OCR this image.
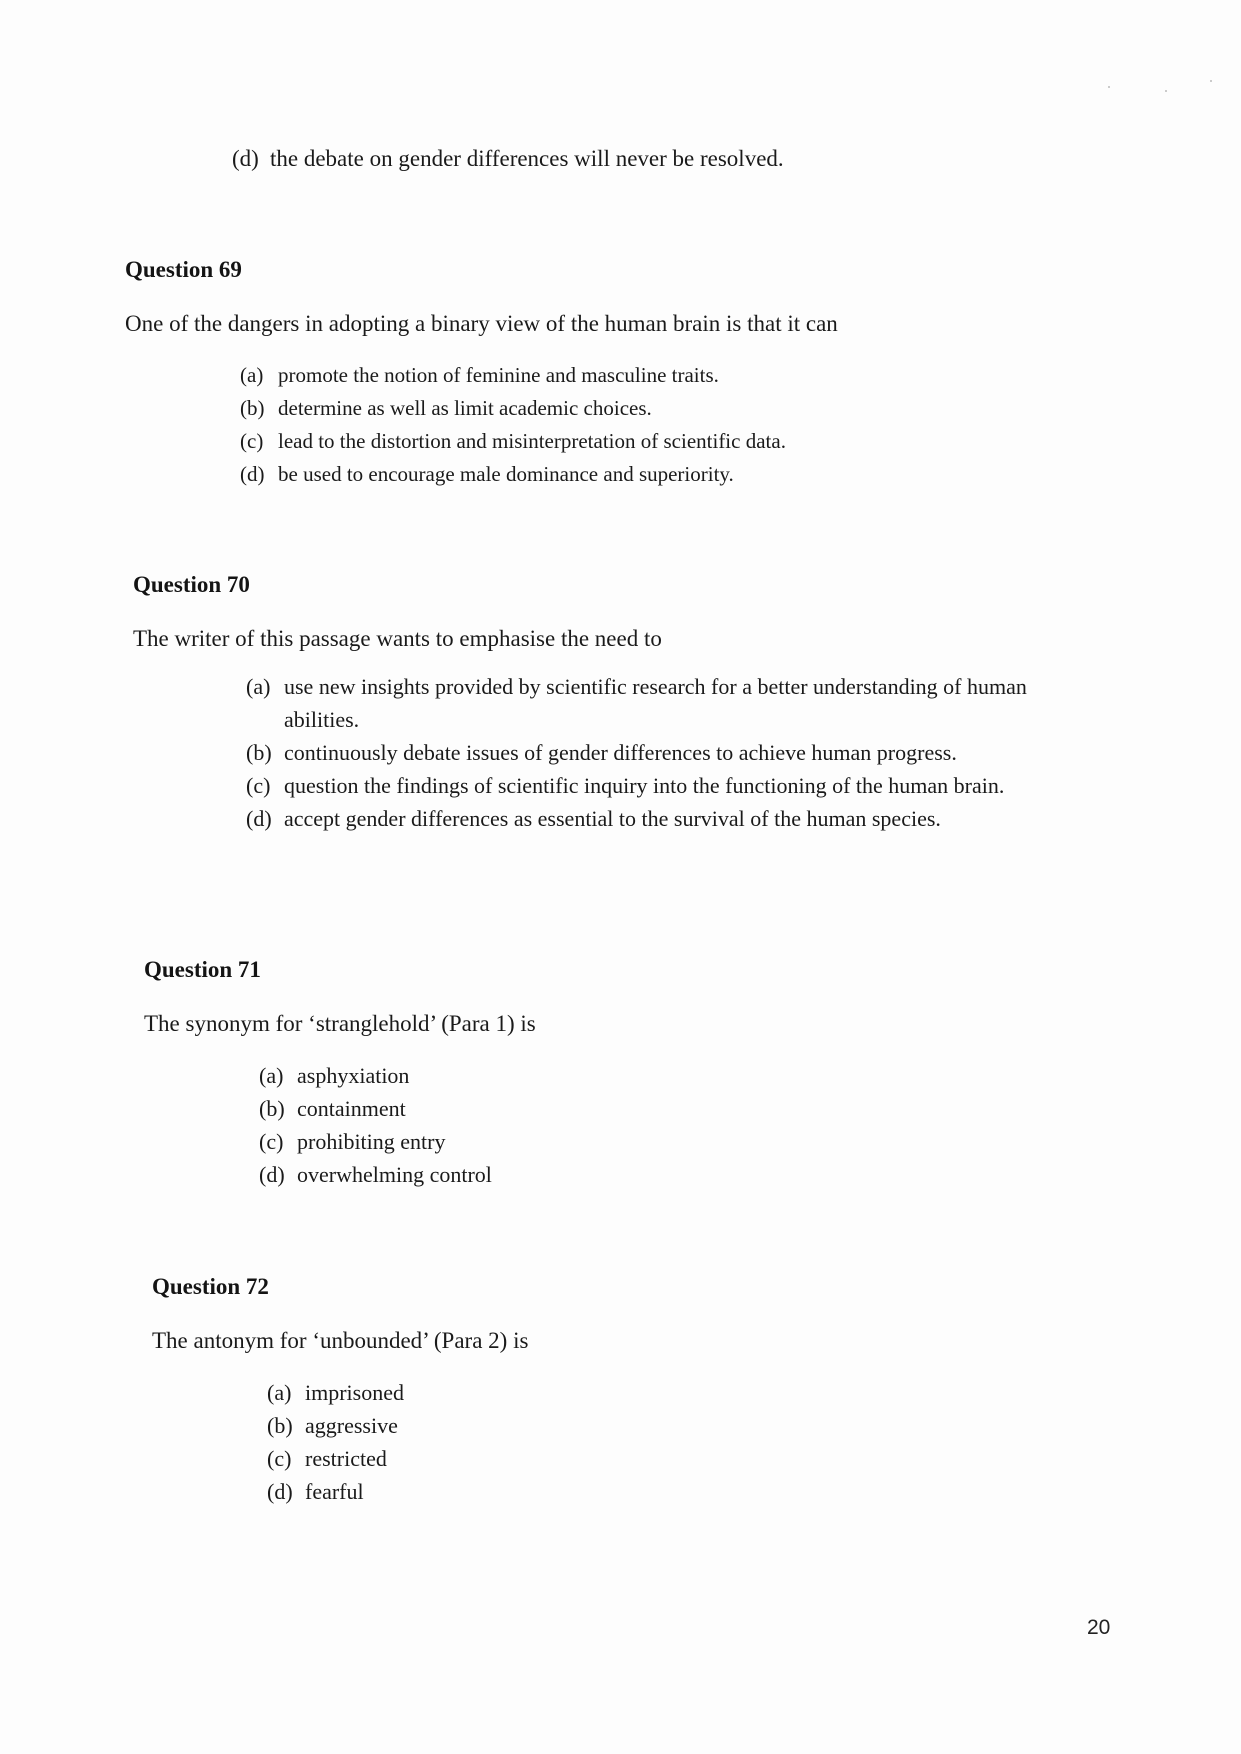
(d) the debate on gender differences will never be resolved.

Question 69

One of the dangers in adopting a binary view of the human brain is that it can

(a) promote the notion of feminine and masculine traits.
(b) determine as well as limit academic choices.
(c) lead to the distortion and misinterpretation of scientific data.
(d) be used to encourage male dominance and superiority.

Question 70

The writer of this passage wants to emphasise the need to

(a) use new insights provided by scientific research for a better understanding of human abilities.
(b) continuously debate issues of gender differences to achieve human progress.
(c) question the findings of scientific inquiry into the functioning of the human brain.
(d) accept gender differences as essential to the survival of the human species.

Question 71

The synonym for ‘stranglehold’ (Para 1) is

(a) asphyxiation
(b) containment
(c) prohibiting entry
(d) overwhelming control

Question 72

The antonym for ‘unbounded’ (Para 2) is

(a) imprisoned
(b) aggressive
(c) restricted
(d) fearful
20
